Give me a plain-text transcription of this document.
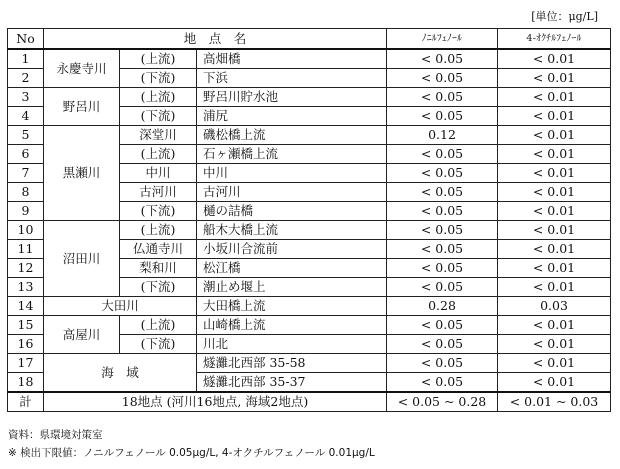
[単位：μg/L]
No	地　点　名			ﾉﾆﾙﾌｪﾉｰﾙ	4-ｵｸﾁﾙﾌｪﾉｰﾙ
1	永慶寺川	(上流)	高畑橋	< 0.05	< 0.01
2		(下流)	下浜	< 0.05	< 0.01
3	野呂川	(上流)	野呂川貯水池	< 0.05	< 0.01
4		(下流)	浦尻	< 0.05	< 0.01
5	黒瀬川	深堂川	磯松橋上流	0.12	< 0.01
6		(上流)	石ヶ瀬橋上流	< 0.05	< 0.01
7		中川	中川	< 0.05	< 0.01
8		古河川	古河川	< 0.05	< 0.01
9		(下流)	樋の詰橋	< 0.05	< 0.01
10	沼田川	(上流)	船木大橋上流	< 0.05	< 0.01
11		仏通寺川	小坂川合流前	< 0.05	< 0.01
12		梨和川	松江橋	< 0.05	< 0.01
13		(下流)	潮止め堰上	< 0.05	< 0.01
14	大田川		大田橋上流	0.28	0.03
15	高屋川	(上流)	山崎橋上流	< 0.05	< 0.01
16		(下流)	川北	< 0.05	< 0.01
17	海　域		燧灘北西部 35-58	< 0.05	< 0.01
18			燧灘北西部 35-37	< 0.05	< 0.01
計	18地点 (河川16地点, 海域2地点)			< 0.05 ~ 0.28	< 0.01 ~ 0.03
資料：県環境対策室
※ 検出下限値：ノニルフェノール 0.05μg/L, 4-オクチルフェノール 0.01μg/L
